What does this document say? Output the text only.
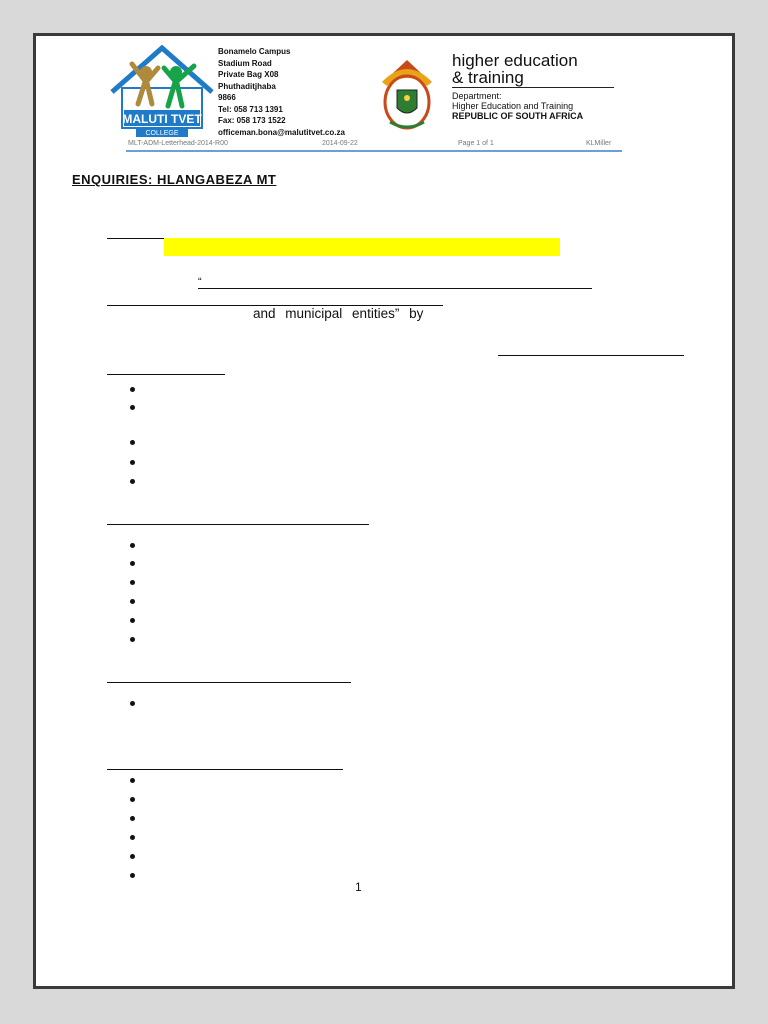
MALUTI TVET
COLLEGE
Bonamelo Campus
Stadium Road
Private Bag X08
Phuthaditjhaba
9866
Tel: 058 713 1391
Fax: 058 173 1522
officeman.bona@malutitvet.co.za
higher education
& training
Department:
Higher Education and Training
REPUBLIC OF SOUTH AFRICA
MLT-ADM-Letterhead-2014-R00	2014-09-22	Page 1 of 1	KLMiller
ENQUIRIES: HLANGABEZA MT
“
and municipal entities” by
1
